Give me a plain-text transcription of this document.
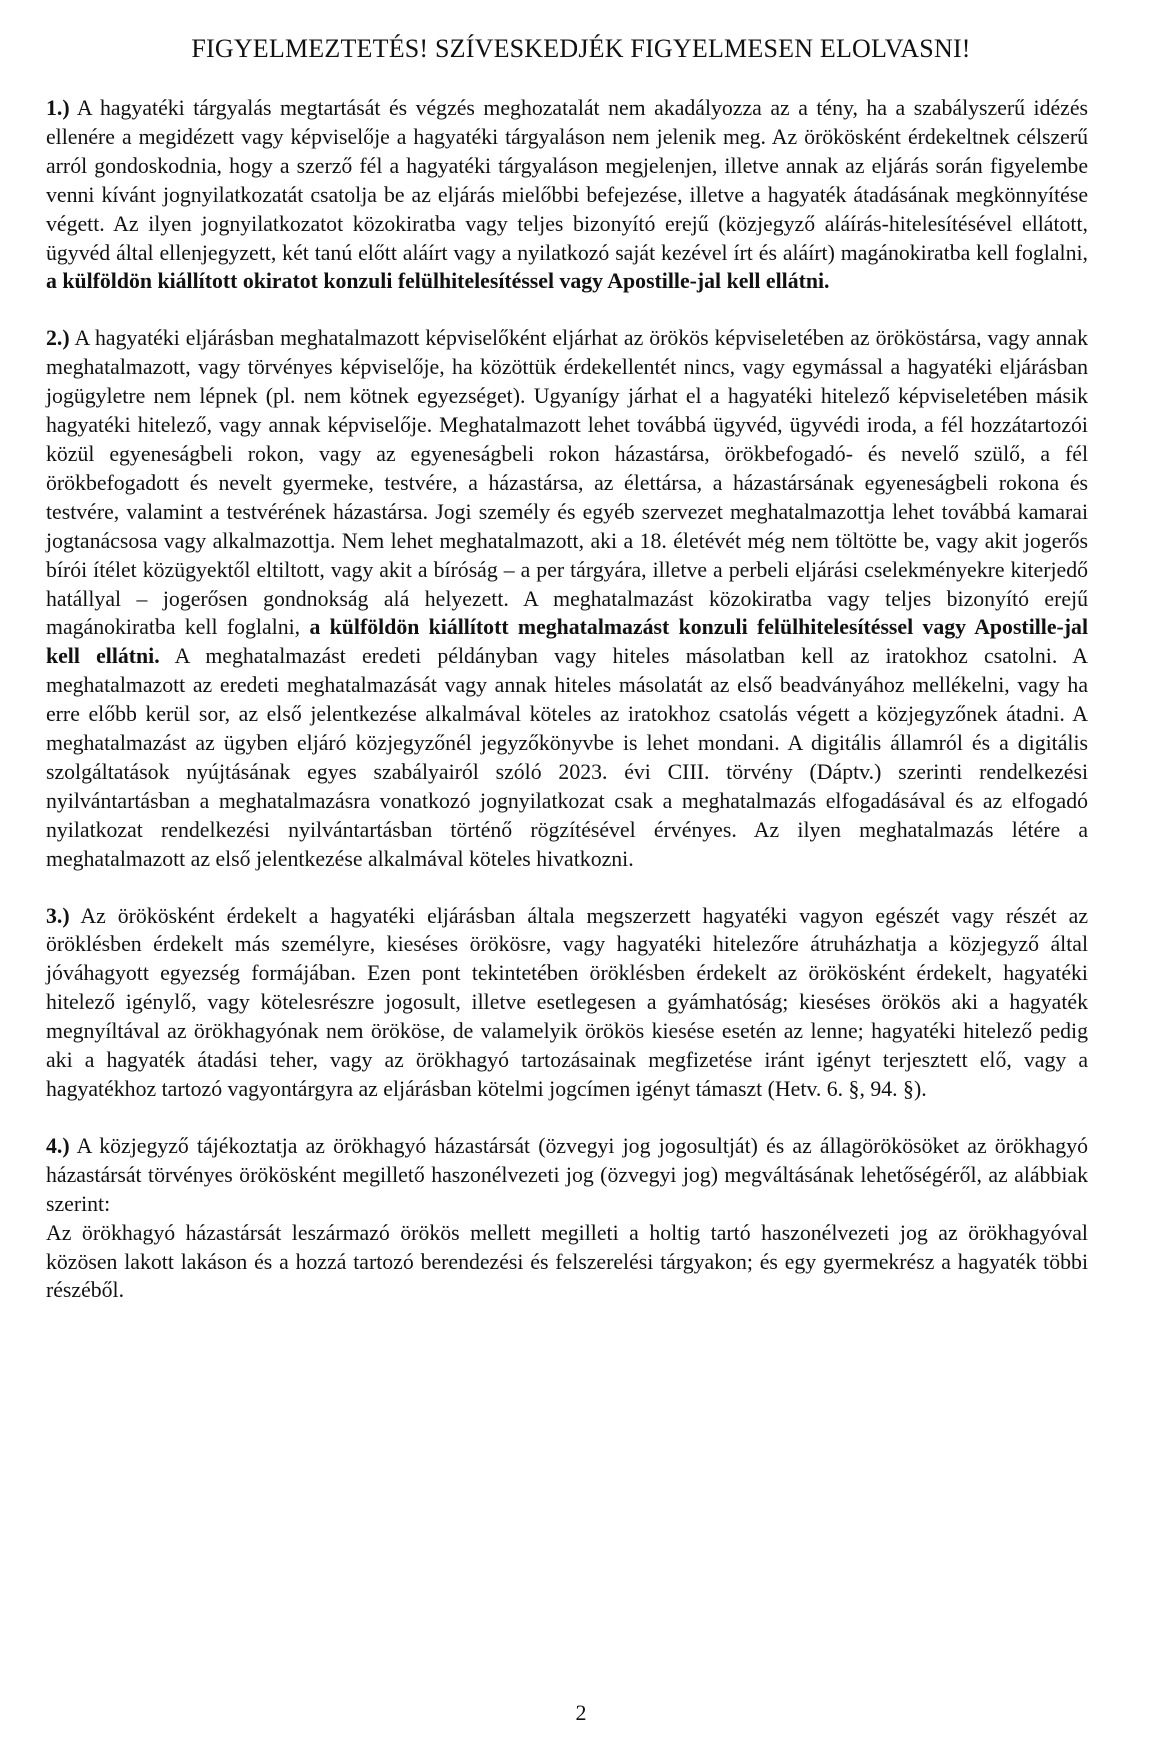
FIGYELMEZTETÉS! SZÍVESKEDJÉK FIGYELMESEN ELOLVASNI!

1.) A hagyatéki tárgyalás megtartását és végzés meghozatalát nem akadályozza az a tény, ha a szabályszerű idézés ellenére a megidézett vagy képviselője a hagyatéki tárgyaláson nem jelenik meg. Az örökösként érdekeltnek célszerű arról gondoskodnia, hogy a szerző fél a hagyatéki tárgyaláson megjelenjen, illetve annak az eljárás során figyelembe venni kívánt jognyilatkozatát csatolja be az eljárás mielőbbi befejezése, illetve a hagyaték átadásának megkönnyítése végett. Az ilyen jognyilatkozatot közokiratba vagy teljes bizonyító erejű (közjegyző aláírás-hitelesítésével ellátott, ügyvéd által ellenjegyzett, két tanú előtt aláírt vagy a nyilatkozó saját kezével írt és aláírt) magánokiratba kell foglalni, a külföldön kiállított okiratot konzuli felülhitelesítéssel vagy Apostille-jal kell ellátni.

2.) A hagyatéki eljárásban meghatalmazott képviselőként eljárhat az örökös képviseletében az örököstársa, vagy annak meghatalmazott, vagy törvényes képviselője, ha közöttük érdekellentét nincs, vagy egymással a hagyatéki eljárásban jogügyletre nem lépnek (pl. nem kötnek egyezséget). Ugyanígy járhat el a hagyatéki hitelező képviseletében másik hagyatéki hitelező, vagy annak képviselője. Meghatalmazott lehet továbbá ügyvéd, ügyvédi iroda, a fél hozzátartozói közül egyeneságbeli rokon, vagy az egyeneságbeli rokon házastársa, örökbefogadó- és nevelő szülő, a fél örökbefogadott és nevelt gyermeke, testvére, a házastársa, az élettársa, a házastársának egyeneságbeli rokona és testvére, valamint a testvérének házastársa. Jogi személy és egyéb szervezet meghatalmazottja lehet továbbá kamarai jogtanácsosa vagy alkalmazottja. Nem lehet meghatalmazott, aki a 18. életévét még nem töltötte be, vagy akit jogerős bírói ítélet közügyektől eltiltott, vagy akit a bíróság – a per tárgyára, illetve a perbeli eljárási cselekményekre kiterjedő hatállyal – jogerősen gondnokság alá helyezett. A meghatalmazást közokiratba vagy teljes bizonyító erejű magánokiratba kell foglalni, a külföldön kiállított meghatalmazást konzuli felülhitelesítéssel vagy Apostille-jal kell ellátni. A meghatalmazást eredeti példányban vagy hiteles másolatban kell az iratokhoz csatolni. A meghatalmazott az eredeti meghatalmazását vagy annak hiteles másolatát az első beadványához mellékelni, vagy ha erre előbb kerül sor, az első jelentkezése alkalmával köteles az iratokhoz csatolás végett a közjegyzőnek átadni. A meghatalmazást az ügyben eljáró közjegyzőnél jegyzőkönyvbe is lehet mondani. A digitális államról és a digitális szolgáltatások nyújtásának egyes szabályairól szóló 2023. évi CIII. törvény (Dáptv.) szerinti rendelkezési nyilvántartásban a meghatalmazásra vonatkozó jognyilatkozat csak a meghatalmazás elfogadásával és az elfogadó nyilatkozat rendelkezési nyilvántartásban történő rögzítésével érvényes. Az ilyen meghatalmazás létére a meghatalmazott az első jelentkezése alkalmával köteles hivatkozni.

3.) Az örökösként érdekelt a hagyatéki eljárásban általa megszerzett hagyatéki vagyon egészét vagy részét az öröklésben érdekelt más személyre, kieséses örökösre, vagy hagyatéki hitelezőre átruházhatja a közjegyző által jóváhagyott egyezség formájában. Ezen pont tekintetében öröklésben érdekelt az örökösként érdekelt, hagyatéki hitelező igénylő, vagy kötelesrészre jogosult, illetve esetlegesen a gyámhatóság; kieséses örökös aki a hagyaték megnyíltával az örökhagyónak nem örököse, de valamelyik örökös kiesése esetén az lenne; hagyatéki hitelező pedig aki a hagyaték átadási teher, vagy az örökhagyó tartozásainak megfizetése iránt igényt terjesztett elő, vagy a hagyatékhoz tartozó vagyontárgyra az eljárásban kötelmi jogcímen igényt támaszt (Hetv. 6. §, 94. §).

4.) A közjegyző tájékoztatja az örökhagyó házastársát (özvegyi jog jogosultját) és az állagörökösöket az örökhagyó házastársát törvényes örökösként megillető haszonélvezeti jog (özvegyi jog) megváltásának lehetőségéről, az alábbiak szerint:

Az örökhagyó házastársát leszármazó örökös mellett megilleti a holtig tartó haszonélvezeti jog az örökhagyóval közösen lakott lakáson és a hozzá tartozó berendezési és felszerelési tárgyakon; és egy gyermekrész a hagyaték többi részéből.

2
